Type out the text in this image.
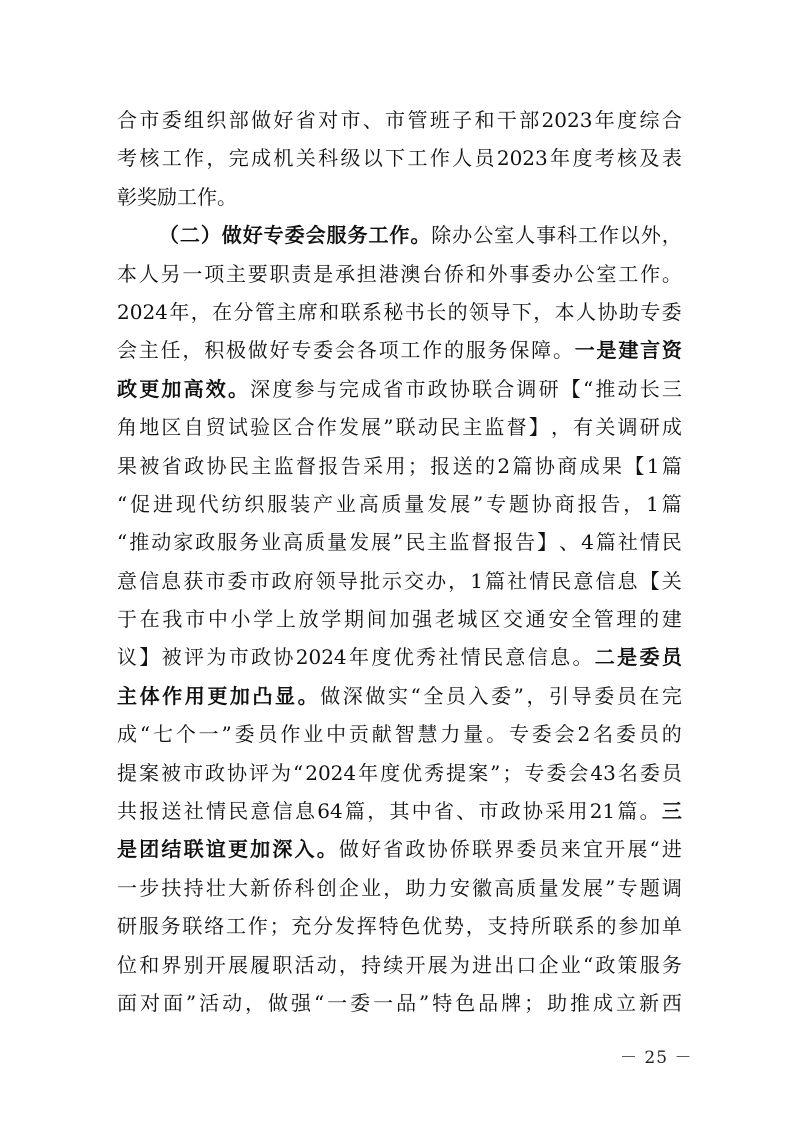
合 市 委 组 织 部 做 好 省 对 市 、 市 管 班 子 和 干 部 2023 年 度 综 合
考 核 工 作 ， 完 成 机 关 科 级 以 下 工 作 人 员 2023 年 度 考 核 及 表
彰 奖 励 工 作 。

（ 二 ） 做 好 专 委 会 服 务 工 作 。 除 办 公 室 人 事 科 工 作 以 外 ，
本 人 另 一 项 主 要 职 责 是 承 担 港 澳 台 侨 和 外 事 委 办 公 室 工 作 。
2024 年 ， 在 分 管 主 席 和 联 系 秘 书 长 的 领 导 下 ， 本 人 协 助 专 委
会 主 任 ， 积 极 做 好 专 委 会 各 项 工 作 的 服 务 保 障 。 一 是 建 言 资
政 更 加 高 效 。 深 度 参 与 完 成 省 市 政 协 联 合 调 研 【 “ 推 动 长 三
角 地 区 自 贸 试 验 区 合 作 发 展 ” 联 动 民 主 监 督 】 ， 有 关 调 研 成
果 被 省 政 协 民 主 监 督 报 告 采 用 ； 报 送 的 2 篇 协 商 成 果 【 1 篇
“ 促 进 现 代 纺 织 服 装 产 业 高 质 量 发 展 ” 专 题 协 商 报 告 ， 1 篇
“ 推 动 家 政 服 务 业 高 质 量 发 展 ” 民 主 监 督 报 告 】 、 4 篇 社 情 民
意 信 息 获 市 委 市 政 府 领 导 批 示 交 办 ， 1 篇 社 情 民 意 信 息 【 关
于 在 我 市 中 小 学 上 放 学 期 间 加 强 老 城 区 交 通 安 全 管 理 的 建
议 】 被 评 为 市 政 协 2024 年 度 优 秀 社 情 民 意 信 息 。 二 是 委 员
主 体 作 用 更 加 凸 显 。 做 深 做 实 “ 全 员 入 委 ” ， 引 导 委 员 在 完
成 “ 七 个 一 ” 委 员 作 业 中 贡 献 智 慧 力 量 。 专 委 会 2 名 委 员 的
提 案 被 市 政 协 评 为 “ 2024 年 度 优 秀 提 案 ” ； 专 委 会 43 名 委 员
共 报 送 社 情 民 意 信 息 64 篇 ， 其 中 省 、 市 政 协 采 用 21 篇 。 三
是 团 结 联 谊 更 加 深 入 。 做 好 省 政 协 侨 联 界 委 员 来 宜 开 展 “ 进
一 步 扶 持 壮 大 新 侨 科 创 企 业 ， 助 力 安 徽 高 质 量 发 展 ” 专 题 调
研 服 务 联 络 工 作 ； 充 分 发 挥 特 色 优 势 ， 支 持 所 联 系 的 参 加 单
位 和 界 别 开 展 履 职 活 动 ， 持 续 开 展 为 进 出 口 企 业 “ 政 策 服 务
面 对 面 ” 活 动 ， 做 强 “ 一 委 一 品 ” 特 色 品 牌 ； 助 推 成 立 新 西
－ 25 －
